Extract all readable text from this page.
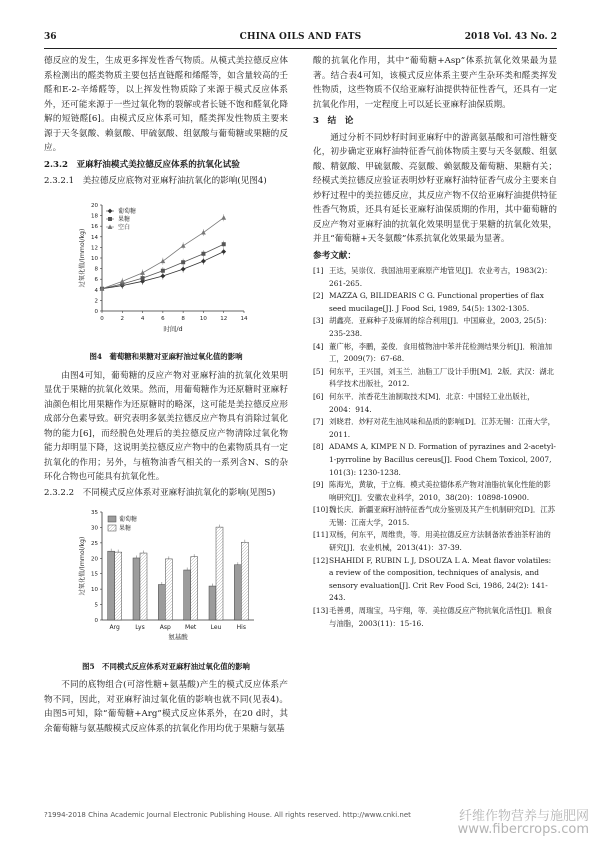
36	CHINA OILS AND FATS	2018 Vol. 43 No. 2

德反应的发生，生成更多挥发性香气物质。从模式美拉德反应体系检测出的醛类物质主要包括直链醛和烯醛等，如含量较高的壬醛和E-2-辛烯醛等，以上挥发性物质除了来源于模式反应体系外，还可能来源于一些过氧化物的裂解或者长链不饱和醛氧化降解的短链醛[6]。由模式反应体系可知，醛类挥发性物质主要来源于天冬氨酸、赖氨酸、甲硫氨酸、组氨酸与葡萄糖或果糖的反应。

2.3.2　亚麻籽油模式美拉德反应体系的抗氧化试验
2.3.2.1　美拉德反应底物对亚麻籽油抗氧化的影响(见图4)
0
2
4
6
8
10
12
14
16
18
20
0	2	4	6	8	10 12 14
时间/d
过氧化值/(mmol/kg)
葡萄糖
果糖
空白
图4　葡萄糖和果糖对亚麻籽油过氧化值的影响

由图4可知，葡萄糖的反应产物对亚麻籽油的抗氧化效果明显优于果糖的抗氧化效果。然而，用葡萄糖作为还原糖时亚麻籽油颜色相比用果糖作为还原糖时的略深，这可能是美拉德反应形成部分色素导致。研究表明多氨美拉德反应产物具有消除过氧化物的能力[6]，而经脱色处理后的美拉德反应产物清除过氧化物能力却明显下降，这说明美拉德反应产物中的色素物质具有一定抗氧化的作用；另外，与植物油香气相关的一系列含N、S的杂环化合物也可能具有抗氧化性。

2.3.2.2　不同模式反应体系对亚麻籽油抗氧化的影响(见图5)
0
5
10
15
20
25
30
35
过氧化值/(mmol/kg)
Arg	Lys	Asp Met Leu	His
氨基酸
葡萄糖
果糖
图5　不同模式反应体系对亚麻籽油过氧化值的影响

不同的底物组合(可溶性糖+氨基酸)产生的模式反应体系产物不同，因此，对亚麻籽油过氧化值的影响也就不同(见表4)。由图5可知，除“葡萄糖+Arg”模式反应体系外，在20 d时，其余葡萄糖与氨基酸模式反应体系的抗氧化作用均优于果糖与氨基

酸的抗氧化作用，其中“葡萄糖+Asp”体系抗氧化效果最为显著。结合表4可知，该模式反应体系主要产生杂环类和醛类挥发性物质，这些物质不仅给亚麻籽油提供特征性香气，还具有一定抗氧化作用，一定程度上可以延长亚麻籽油保质期。

3　结　论

通过分析不同炒籽时间亚麻籽中的游离氨基酸和可溶性糖变化，初步确定亚麻籽油特征香气前体物质主要与天冬氨酸、组氨酸、精氨酸、甲硫氨酸、亮氨酸、赖氨酸及葡萄糖、果糖有关；经模式美拉德反应验证表明炒籽亚麻籽油特征香气成分主要来自炒籽过程中的美拉德反应，其反应产物不仅给亚麻籽油提供特征性香气物质，还具有延长亚麻籽油保质期的作用，其中葡萄糖的反应产物对亚麻籽油的抗氧化效果明显优于果糖的抗氧化效果，并且“葡萄糖+天冬氨酸”体系抗氧化效果最为显著。

参考文献：
[1] 王达，吴崇仪．我国油用亚麻原产地管见[J]．农业考古，1983(2)：261-265.
[2] MAZZA G, BILIDEARIS C G. Functional properties of flax seed mucilage[J]. J Food Sci, 1989, 54(5): 1302-1305.
[3] 胡鑫亮．亚麻种子及麻屑的综合利用[J]．中国麻业，2003, 25(5)：235-238.
[4] 董广彬，李鹏，姜俊．食用植物油中苯并芘检测结果分析[J]．粮油加工，2009(7)：67-68.
[5] 何东平，王兴国，刘玉兰．油脂工厂设计手册[M]．2版．武汉：湖北科学技术出版社，2012.
[6] 何东平．浓香花生油制取技术[M]．北京：中国轻工业出版社，2004：914.
[7] 刘晓君．炒籽对花生油风味和品质的影响[D]．江苏无锡：江南大学，2011.
[8] ADAMS A, KIMPE N D. Formation of pyrazines and 2-acetyl-1-pyrroline by Bacillus cereus[J]. Food Chem Toxicol, 2007, 101(3): 1230-1238.
[9] 陈海光，黄敏，于立梅．模式美拉德体系产物对油脂抗氧化性能的影响研究[J]．安徽农业科学，2010，38(20)：10898-10900.
[10] 魏长庆．新疆亚麻籽油特征香气成分鉴别及其产生机制研究[D]．江苏无锡：江南大学，2015.
[11] 双杨，何东平，周维贵，等．用美拉德反应方法制备浓香油茶籽油的研究[J]．农业机械，2013(41)：37-39.
[12] SHAHIDI F, RUBIN L J, DSOUZA L A. Meat flavor volatiles: a review of the composition, techniques of analysis, and sensory evaluation[J]. Crit Rev Food Sci, 1986, 24(2): 141-243.
[13] 毛善勇，周瑞宝，马宇翔，等．美拉德反应产物抗氧化活性[J]．粮食与油脂，2003(11)：15-16.
?1994-2018 China Academic Journal Electronic Publishing House. All rights reserved. http://www.cnki.net	纤维作物营养与施肥网
www.fibercrops.com
